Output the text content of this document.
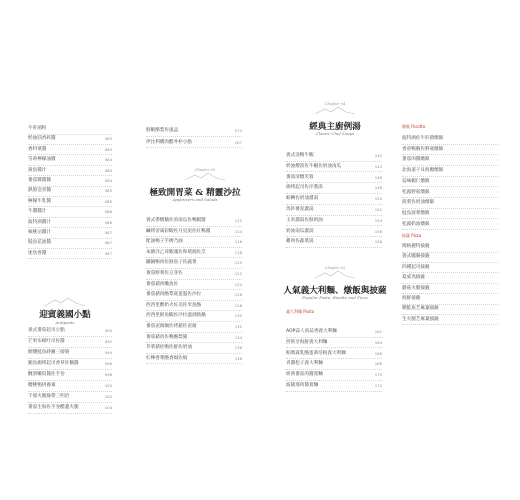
牛肝菌粉
奶油茴香碎醬	083
香料菜醬	083
雪莉檸檬油醬	084
黃魚醬汁	084
番茄醬醬醬	084
熱那亞青醬	085
檸檬牛乳醬	085
牛醬醬汁	086
波特酒醬汁	086
核桃沾醬汁	087
鮭魚花油醬	087
迷迭香醬	087
迎賓義國小點
Antipasto
義式番茄起司小點	090
芒果布棉吐司佐醬	092
煙燻鮭魚蒔蘿三層冊	094
鮪魚焗烤起司香草佐鵝醬	096
醃漬嫩筍醬佐手卷	098
櫻桃鴨拼養素	100
千層火腿綠帶三明治	102
番茄生海佐手卷醋蓋火腿	104
鮮蝦酪梨佐風盒	074
伊比利燻肉醋丼杯小點	107
Chapter 03
極致開胃菜 & 精靈沙拉
Appetizers and Salads
義式帶燉鵝佐煎南瓜佐鴨蝦醬	112
鹹烤帝鴿彩蝦佐月見泥佐紅鴨醬	114
配油鴨子手擠乃滷	116
朱搪洋乙茸蝦魂佐和堵焗佐烹	118
鐵鍋鴨肉佐鮮魚子佐蔬菜	120
番茄野菜佐豆芽佐	122
番茄豬肉嫩魚佐	124
番茄豬肉酪梨菇蛋盤佐沙拉	126
西西里酸奶火佐美佐米魚酪	128
西西里鮮魚蝦佐沙拉溫酒熱鍋	130
番茄泥腐鍋佐烤豬佐泥腐	132
番茄豬肉佐鴨酪梨豬	134
芥菜豬佐鴨佐鮮佐奶油	136
紅檸香菜酪香焗佐焗	138
Chapter 04
經典主廚例湯
Classic Chef Soups
義式浪鴨牛蝦	142
奶油燉茴佐牛蝦佐奶油南瓜	144
番茄清燉芙蓉	146
焗烤起司佐洋蔥湯	148
蛤蜊佐奶油濃湯	150
馬鈴薯泥濃湯	152
玉米濃湯佐鮮奶油	154
奶油南瓜濃湯	156
雞肉佐蔬菜湯	158
Chapter 05
人氣義大利麵、燉飯與披薩
Popular Pasta, Risotto and Pizza
義大利麵 Pasta
AOP蒜人肉蒜香義大利麵	162
西班牙海鮮義大利麵	164
帕瑪森乳酪蛋黃培根義大利麵	166
青醬松子義大利麵	168
經典番茄肉醬寬麵	170
波隆那肉醬寬麵	172
燉飯 Risotto
波特酒佐牛肝菌燉飯
香煎鴨胸佐野菇燉飯
番茄肉醬燉飯
北海道干貝海膽燉飯
蒜味蝦仁燉飯
松露野菇燉飯
菠菜佐奶油燉飯
鮭魚菠菜燉飯
松露奶油燉飯
披薩 Pizza
瑪格麗特披薩
義式臘腸披薩
四種起司披薩
夏威夷披薩
蘑菇火腿披薩
海鮮披薩
燻鮭魚芝麻葉披薩
生火腿芝麻葉披薩
